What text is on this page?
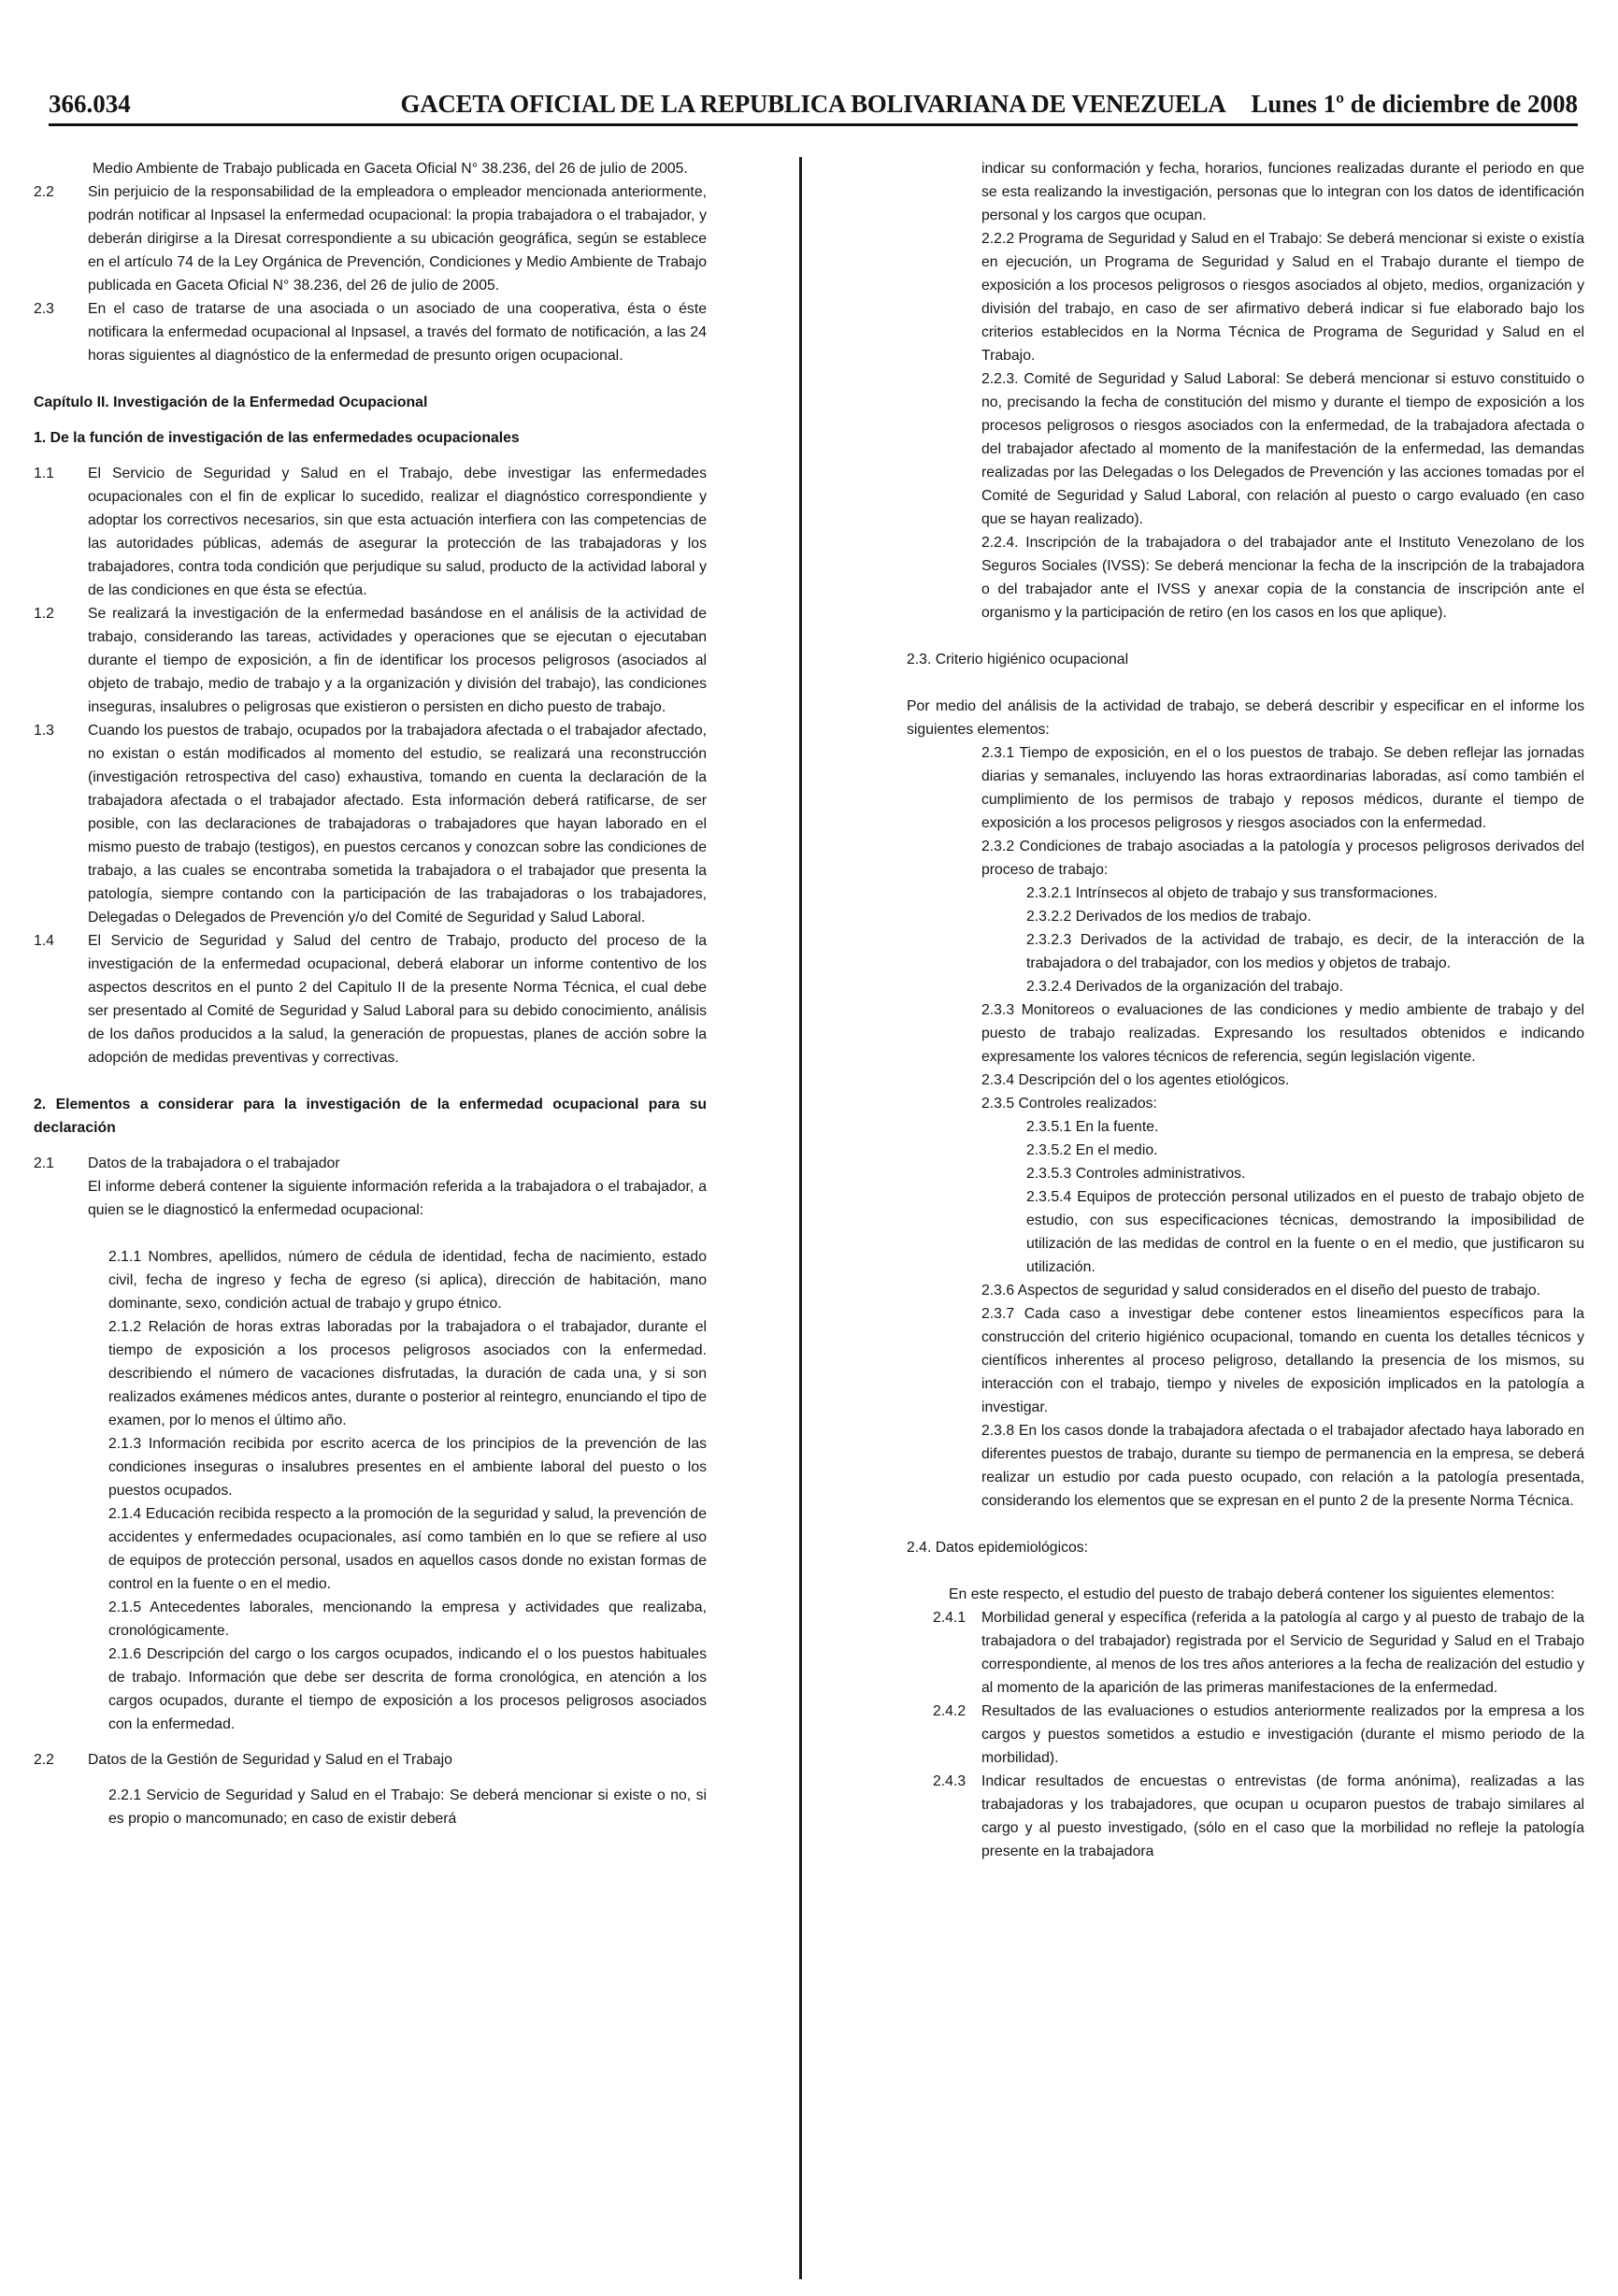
366.034	GACETA OFICIAL DE LA REPUBLICA BOLIVARIANA DE VENEZUELA Lunes 1º de diciembre de 2008

Medio Ambiente de Trabajo publicada en Gaceta Oficial N° 38.236, del 26 de julio de 2005.

2.2 Sin perjuicio de la responsabilidad de la empleadora o empleador mencionada anteriormente, podrán notificar al Inpsasel la enfermedad ocupacional: la propia trabajadora o el trabajador, y deberán dirigirse a la Diresat correspondiente a su ubicación geográfica, según se establece en el artículo 74 de la Ley Orgánica de Prevención, Condiciones y Medio Ambiente de Trabajo publicada en Gaceta Oficial N° 38.236, del 26 de julio de 2005.
2.3 En el caso de tratarse de una asociada o un asociado de una cooperativa, ésta o éste notificara la enfermedad ocupacional al Inpsasel, a través del formato de notificación, a las 24 horas siguientes al diagnóstico de la enfermedad de presunto origen ocupacional.

Capítulo II. Investigación de la Enfermedad Ocupacional

1. De la función de investigación de las enfermedades ocupacionales

1.1 El Servicio de Seguridad y Salud en el Trabajo, debe investigar las enfermedades ocupacionales con el fin de explicar lo sucedido, realizar el diagnóstico correspondiente y adoptar los correctivos necesarios, sin que esta actuación interfiera con las competencias de las autoridades públicas, además de asegurar la protección de las trabajadoras y los trabajadores, contra toda condición que perjudique su salud, producto de la actividad laboral y de las condiciones en que ésta se efectúa.
1.2 Se realizará la investigación de la enfermedad basándose en el análisis de la actividad de trabajo, considerando las tareas, actividades y operaciones que se ejecutan o ejecutaban durante el tiempo de exposición, a fin de identificar los procesos peligrosos (asociados al objeto de trabajo, medio de trabajo y a la organización y división del trabajo), las condiciones inseguras, insalubres o peligrosas que existieron o persisten en dicho puesto de trabajo.
1.3 Cuando los puestos de trabajo, ocupados por la trabajadora afectada o el trabajador afectado, no existan o están modificados al momento del estudio, se realizará una reconstrucción (investigación retrospectiva del caso) exhaustiva, tomando en cuenta la declaración de la trabajadora afectada o el trabajador afectado. Esta información deberá ratificarse, de ser posible, con las declaraciones de trabajadoras o trabajadores que hayan laborado en el mismo puesto de trabajo (testigos), en puestos cercanos y conozcan sobre las condiciones de trabajo, a las cuales se encontraba sometida la trabajadora o el trabajador que presenta la patología, siempre contando con la participación de las trabajadoras o los trabajadores, Delegadas o Delegados de Prevención y/o del Comité de Seguridad y Salud Laboral.
1.4 El Servicio de Seguridad y Salud del centro de Trabajo, producto del proceso de la investigación de la enfermedad ocupacional, deberá elaborar un informe contentivo de los aspectos descritos en el punto 2 del Capitulo II de la presente Norma Técnica, el cual debe ser presentado al Comité de Seguridad y Salud Laboral para su debido conocimiento, análisis de los daños producidos a la salud, la generación de propuestas, planes de acción sobre la adopción de medidas preventivas y correctivas.

2. Elementos a considerar para la investigación de la enfermedad ocupacional para su declaración

2.1 Datos de la trabajadora o el trabajador

El informe deberá contener la siguiente información referida a la trabajadora o el trabajador, a quien se le diagnosticó la enfermedad ocupacional:

2.1.1 Nombres, apellidos, número de cédula de identidad, fecha de nacimiento, estado civil, fecha de ingreso y fecha de egreso (si aplica), dirección de habitación, mano dominante, sexo, condición actual de trabajo y grupo étnico.

2.1.2 Relación de horas extras laboradas por la trabajadora o el trabajador, durante el tiempo de exposición a los procesos peligrosos asociados con la enfermedad. describiendo el número de vacaciones disfrutadas, la duración de cada una, y si son realizados exámenes médicos antes, durante o posterior al reintegro, enunciando el tipo de examen, por lo menos el último año.

2.1.3 Información recibida por escrito acerca de los principios de la prevención de las condiciones inseguras o insalubres presentes en el ambiente laboral del puesto o los puestos ocupados.

2.1.4 Educación recibida respecto a la promoción de la seguridad y salud, la prevención de accidentes y enfermedades ocupacionales, así como también en lo que se refiere al uso de equipos de protección personal, usados en aquellos casos donde no existan formas de control en la fuente o en el medio.

2.1.5 Antecedentes laborales, mencionando la empresa y actividades que realizaba, cronológicamente.

2.1.6 Descripción del cargo o los cargos ocupados, indicando el o los puestos habituales de trabajo. Información que debe ser descrita de forma cronológica, en atención a los cargos ocupados, durante el tiempo de exposición a los procesos peligrosos asociados con la enfermedad.

2.2 Datos de la Gestión de Seguridad y Salud en el Trabajo

2.2.1 Servicio de Seguridad y Salud en el Trabajo: Se deberá mencionar si existe o no, si es propio o mancomunado; en caso de existir deberá

indicar su conformación y fecha, horarios, funciones realizadas durante el periodo en que se esta realizando la investigación, personas que lo integran con los datos de identificación personal y los cargos que ocupan.

2.2.2 Programa de Seguridad y Salud en el Trabajo: Se deberá mencionar si existe o existía en ejecución, un Programa de Seguridad y Salud en el Trabajo durante el tiempo de exposición a los procesos peligrosos o riesgos asociados al objeto, medios, organización y división del trabajo, en caso de ser afirmativo deberá indicar si fue elaborado bajo los criterios establecidos en la Norma Técnica de Programa de Seguridad y Salud en el Trabajo.

2.2.3. Comité de Seguridad y Salud Laboral: Se deberá mencionar si estuvo constituido o no, precisando la fecha de constitución del mismo y durante el tiempo de exposición a los procesos peligrosos o riesgos asociados con la enfermedad, de la trabajadora afectada o del trabajador afectado al momento de la manifestación de la enfermedad, las demandas realizadas por las Delegadas o los Delegados de Prevención y las acciones tomadas por el Comité de Seguridad y Salud Laboral, con relación al puesto o cargo evaluado (en caso que se hayan realizado).

2.2.4. Inscripción de la trabajadora o del trabajador ante el Instituto Venezolano de los Seguros Sociales (IVSS): Se deberá mencionar la fecha de la inscripción de la trabajadora o del trabajador ante el IVSS y anexar copia de la constancia de inscripción ante el organismo y la participación de retiro (en los casos en los que aplique).

2.3. Criterio higiénico ocupacional

Por medio del análisis de la actividad de trabajo, se deberá describir y especificar en el informe los siguientes elementos:

2.3.1 Tiempo de exposición, en el o los puestos de trabajo. Se deben reflejar las jornadas diarias y semanales, incluyendo las horas extraordinarias laboradas, así como también el cumplimiento de los permisos de trabajo y reposos médicos, durante el tiempo de exposición a los procesos peligrosos y riesgos asociados con la enfermedad.

2.3.2 Condiciones de trabajo asociadas a la patología y procesos peligrosos derivados del proceso de trabajo:

2.3.2.1 Intrínsecos al objeto de trabajo y sus transformaciones.

2.3.2.2 Derivados de los medios de trabajo.

2.3.2.3 Derivados de la actividad de trabajo, es decir, de la interacción de la trabajadora o del trabajador, con los medios y objetos de trabajo.

2.3.2.4 Derivados de la organización del trabajo.

2.3.3 Monitoreos o evaluaciones de las condiciones y medio ambiente de trabajo y del puesto de trabajo realizadas. Expresando los resultados obtenidos e indicando expresamente los valores técnicos de referencia, según legislación vigente.

2.3.4 Descripción del o los agentes etiológicos.

2.3.5 Controles realizados:

2.3.5.1 En la fuente.

2.3.5.2 En el medio.

2.3.5.3 Controles administrativos.

2.3.5.4 Equipos de protección personal utilizados en el puesto de trabajo objeto de estudio, con sus especificaciones técnicas, demostrando la imposibilidad de utilización de las medidas de control en la fuente o en el medio, que justificaron su utilización.

2.3.6 Aspectos de seguridad y salud considerados en el diseño del puesto de trabajo.

2.3.7 Cada caso a investigar debe contener estos lineamientos específicos para la construcción del criterio higiénico ocupacional, tomando en cuenta los detalles técnicos y científicos inherentes al proceso peligroso, detallando la presencia de los mismos, su interacción con el trabajo, tiempo y niveles de exposición implicados en la patología a investigar.

2.3.8 En los casos donde la trabajadora afectada o el trabajador afectado haya laborado en diferentes puestos de trabajo, durante su tiempo de permanencia en la empresa, se deberá realizar un estudio por cada puesto ocupado, con relación a la patología presentada, considerando los elementos que se expresan en el punto 2 de la presente Norma Técnica.

2.4. Datos epidemiológicos:

En este respecto, el estudio del puesto de trabajo deberá contener los siguientes elementos:

2.4.1 Morbilidad general y específica (referida a la patología al cargo y al puesto de trabajo de la trabajadora o del trabajador) registrada por el Servicio de Seguridad y Salud en el Trabajo correspondiente, al menos de los tres años anteriores a la fecha de realización del estudio y al momento de la aparición de las primeras manifestaciones de la enfermedad.
2.4.2 Resultados de las evaluaciones o estudios anteriormente realizados por la empresa a los cargos y puestos sometidos a estudio e investigación (durante el mismo periodo de la morbilidad).
2.4.3 Indicar resultados de encuestas o entrevistas (de forma anónima), realizadas a las trabajadoras y los trabajadores, que ocupan u ocuparon puestos de trabajo similares al cargo y al puesto investigado, (sólo en el caso que la morbilidad no refleje la patología presente en la trabajadora
